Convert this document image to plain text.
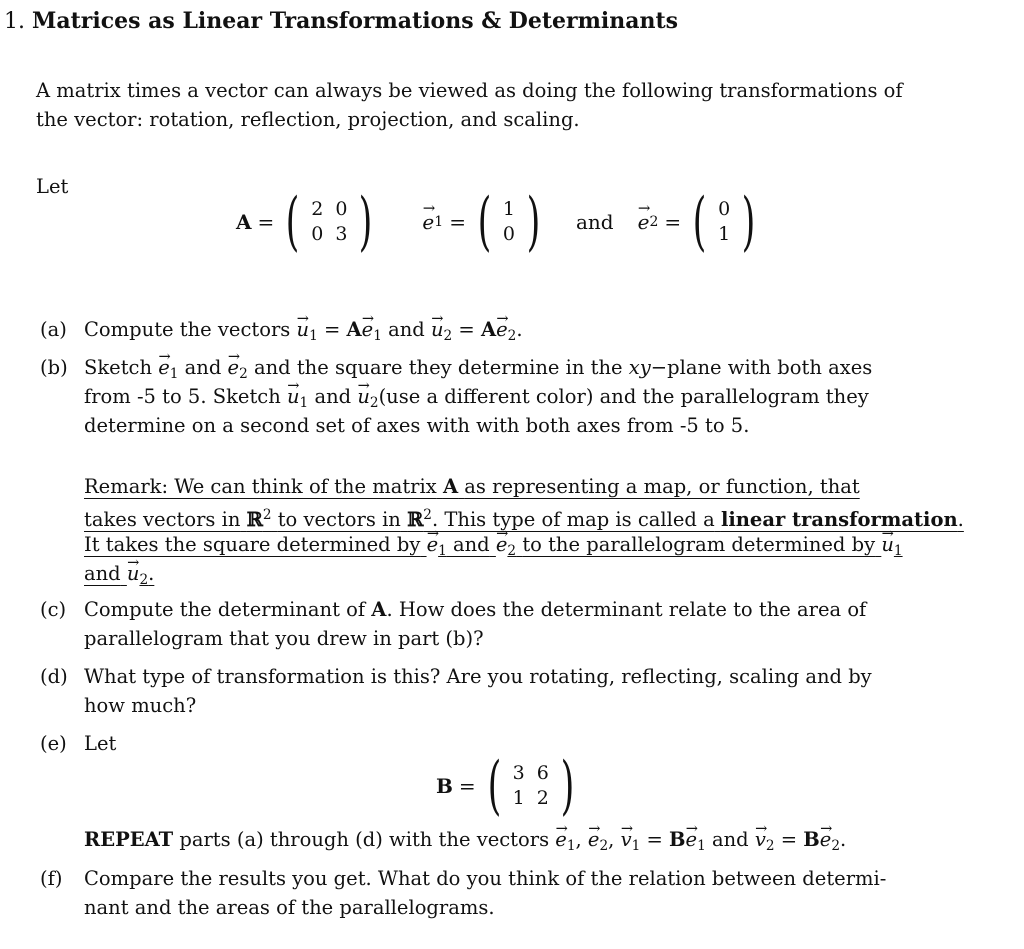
1. Matrices as Linear Transformations & Determinants
A matrix times a vector can always be viewed as doing the following transformations of
the vector: rotation, reflection, projection, and scaling.
Let
A = ( 2	0
0	3 ) → e 1 = ( 1
0 ) and → e 2 = ( 0
1 )
(a) Compute the vectors → $u_1 = A\to e_1$ and → $u_2 = A\to e_2$.
(b) Sketch → $e_1$ and → $e_2$ and the square they determine in the xy−plane with both axes
from -5 to 5. Sketch → $u_1$ and → $u_2(use$ a different color) and the parallelogram they
determine on a second set of axes with with both axes from -5 to 5.
Remark: We can think of the matrix A as representing a map, or function, that
takes vectors in ℝ$^2$ to vectors in ℝ$^2$. This type of map is called a linear transformation.
It takes the square determined by → $e_1$ and → $e_2$ to the parallelogram determined by → $u_1$
and → $u_2$.
(c) Compute the determinant of A. How does the determinant relate to the area of
parallelogram that you drew in part (b)?
(d) What type of transformation is this? Are you rotating, reflecting, scaling and by
how much?
(e) Let
B = ( 3	6
1	2 )
REPEAT parts (a) through (d) with the vectors → $e_1$, → $e_2$, → $v_1 = B\to e_1$ and → $v_2 = B\to e_2$.
(f) Compare the results you get. What do you think of the relation between determi-
nant and the areas of the parallelograms.
